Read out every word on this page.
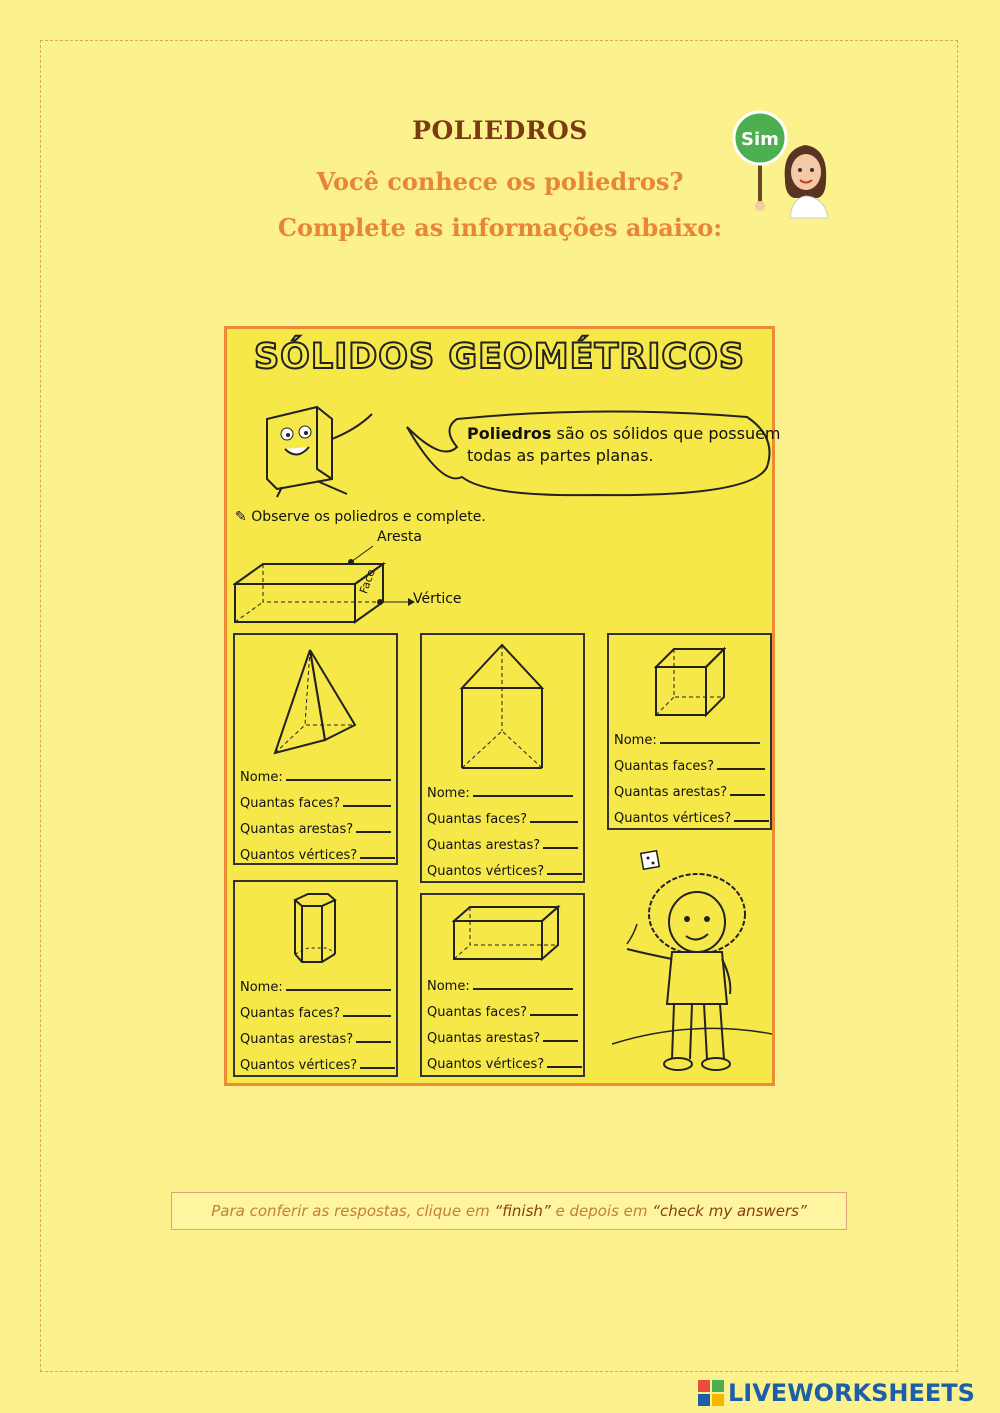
POLIEDROS
Você conhece os poliedros?
Complete as informações abaixo:
Sim
SÓLIDOS GEOMÉTRICOS
Poliedros são os sólidos que possuem todas as partes planas.
✎ Observe os poliedros e complete.
Aresta
Face
Vértice
Nome:
Quantas faces?
Quantas arestas?
Quantos vértices?
Nome:
Quantas faces?
Quantas arestas?
Quantos vértices?
Nome:
Quantas faces?
Quantas arestas?
Quantos vértices?
Nome:
Quantas faces?
Quantas arestas?
Quantos vértices?
Nome:
Quantas faces?
Quantas arestas?
Quantos vértices?
Para conferir as respostas, clique em “finish” e depois em “check my answers”
LIVEWORKSHEETS
